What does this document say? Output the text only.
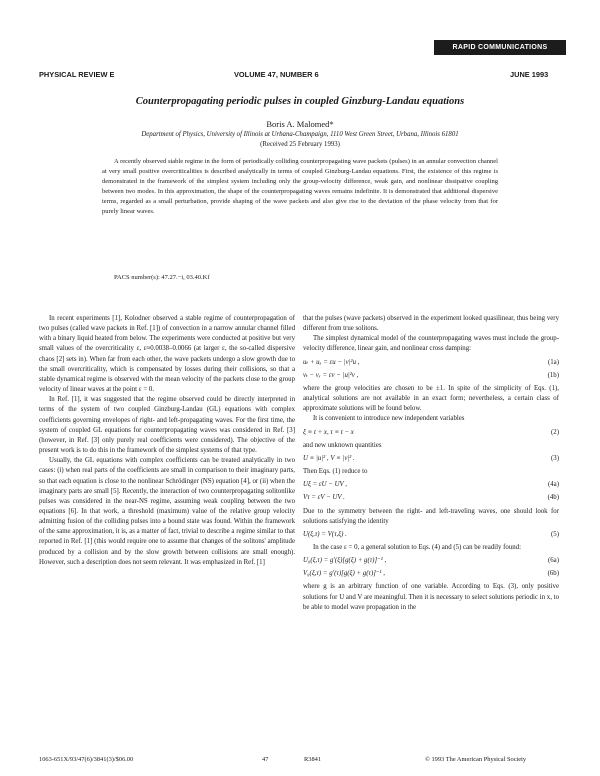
RAPID COMMUNICATIONS
PHYSICAL REVIEW E	VOLUME 47, NUMBER 6	JUNE 1993
Counterpropagating periodic pulses in coupled Ginzburg-Landau equations
Boris A. Malomed*
Department of Physics, University of Illinois at Urbana-Champaign, 1110 West Green Street, Urbana, Illinois 61801
(Received 25 February 1993)

A recently observed stable regime in the form of periodically colliding counterpropagating wave packets (pulses) in an annular convection channel at very small positive overcriticalities is described analytically in terms of coupled Ginzburg-Landau equations. First, the existence of this regime is demonstrated in the framework of the simplest system including only the group-velocity difference, weak gain, and nonlinear dissipative coupling between two modes. In this approximation, the shape of the counterpropagating waves remains indefinite. It is demonstrated that additional dispersive terms, regarded as a small perturbation, provide shaping of the wave packets and also give rise to the deviation of the phase velocity from that for purely linear waves.

PACS number(s): 47.27.−i, 03.40.Kf

In recent experiments [1], Kolodner observed a stable regime of counterpropagation of two pulses (called wave packets in Ref. [1]) of convection in a narrow annular channel filled with a binary liquid heated from below. The experiments were conducted at positive but very small values of the overcriticality ε, ε≈0.0038–0.0066 (at larger ε, the so-called dispersive chaos [2] sets in). When far from each other, the wave packets undergo a slow growth due to the small overcriticality, which is compensated by losses during their collisions, so that a stable dynamical regime is observed with the mean velocity of the packets close to the group velocity of linear waves at the point ε = 0.

In Ref. [1], it was suggested that the regime observed could be directly interpreted in terms of the system of two coupled Ginzburg-Landau (GL) equations with complex coefficients governing envelopes of right- and left-propagating waves. For the first time, the system of coupled GL equations for counterpropagating waves was considered in Ref. [3] (however, in Ref. [3] only purely real coefficients were considered). The objective of the present work is to do this in the framework of the simplest systems of that type.

Usually, the GL equations with complex coefficients can be treated analytically in two cases: (i) when real parts of the coefficients are small in comparison to their imaginary parts, so that each equation is close to the nonlinear Schrödinger (NS) equation [4], or (ii) when the imaginary parts are small [5]. Recently, the interaction of two counterpropagating solitonlike pulses was considered in the near-NS regime, assuming weak coupling between the two equations [6]. In that work, a threshold (maximum) value of the relative group velocity admitting fusion of the colliding pulses into a bound state was found. Within the framework of the same approximation, it is, as a matter of fact, trivial to describe a regime similar to that reported in Ref. [1] (this would require one to assume that changes of the solitons' amplitude produced by a collision and by the slow growth between collisions are small enough). However, such a description does not seem relevant. It was emphasized in Ref. [1]

that the pulses (wave packets) observed in the experiment looked quasilinear, thus being very different from true solitons.

The simplest dynamical model of the counterpropagating waves must include the group-velocity difference, linear gain, and nonlinear cross damping:

uₜ + uₓ = εu − |v|²u ,	(1a)
vₜ − vₓ = εv − |u|²v ,	(1b)

where the group velocities are chosen to be ±1. In spite of the simplicity of Eqs. (1), analytical solutions are not available in an exact form; nevertheless, a certain class of approximate solutions will be found below.

It is convenient to introduce new independent variables

ξ ≡ t + x, τ ≡ t − x	(2)

and new unknown quantities

U ≡ |u|² , V ≡ |v|² .	(3)

Then Eqs. (1) reduce to

Uξ = εU − UV ,	(4a)
Vτ = εV − UV .	(4b)

Due to the symmetry between the right- and left-traveling waves, one should look for solutions satisfying the identity

U(ξ,τ) = V(τ,ξ) .	(5)

In the case ε = 0, a general solution to Eqs. (4) and (5) can be readily found:

U₀(ξ,τ) = g′(ξ)[g(ξ) + g(τ)]⁻¹ ,	(6a)
V₀(ξ,τ) = g′(τ)[g(ξ) + g(τ)]⁻¹ ,	(6b)

where g is an arbitrary function of one variable. According to Eqs. (3), only positive solutions for U and V are meaningful. Then it is necessary to select solutions periodic in x, to be able to model wave propagation in the

1063-651X/93/47(6)/3841(3)/$06.00	47	R3841	© 1993 The American Physical Society
